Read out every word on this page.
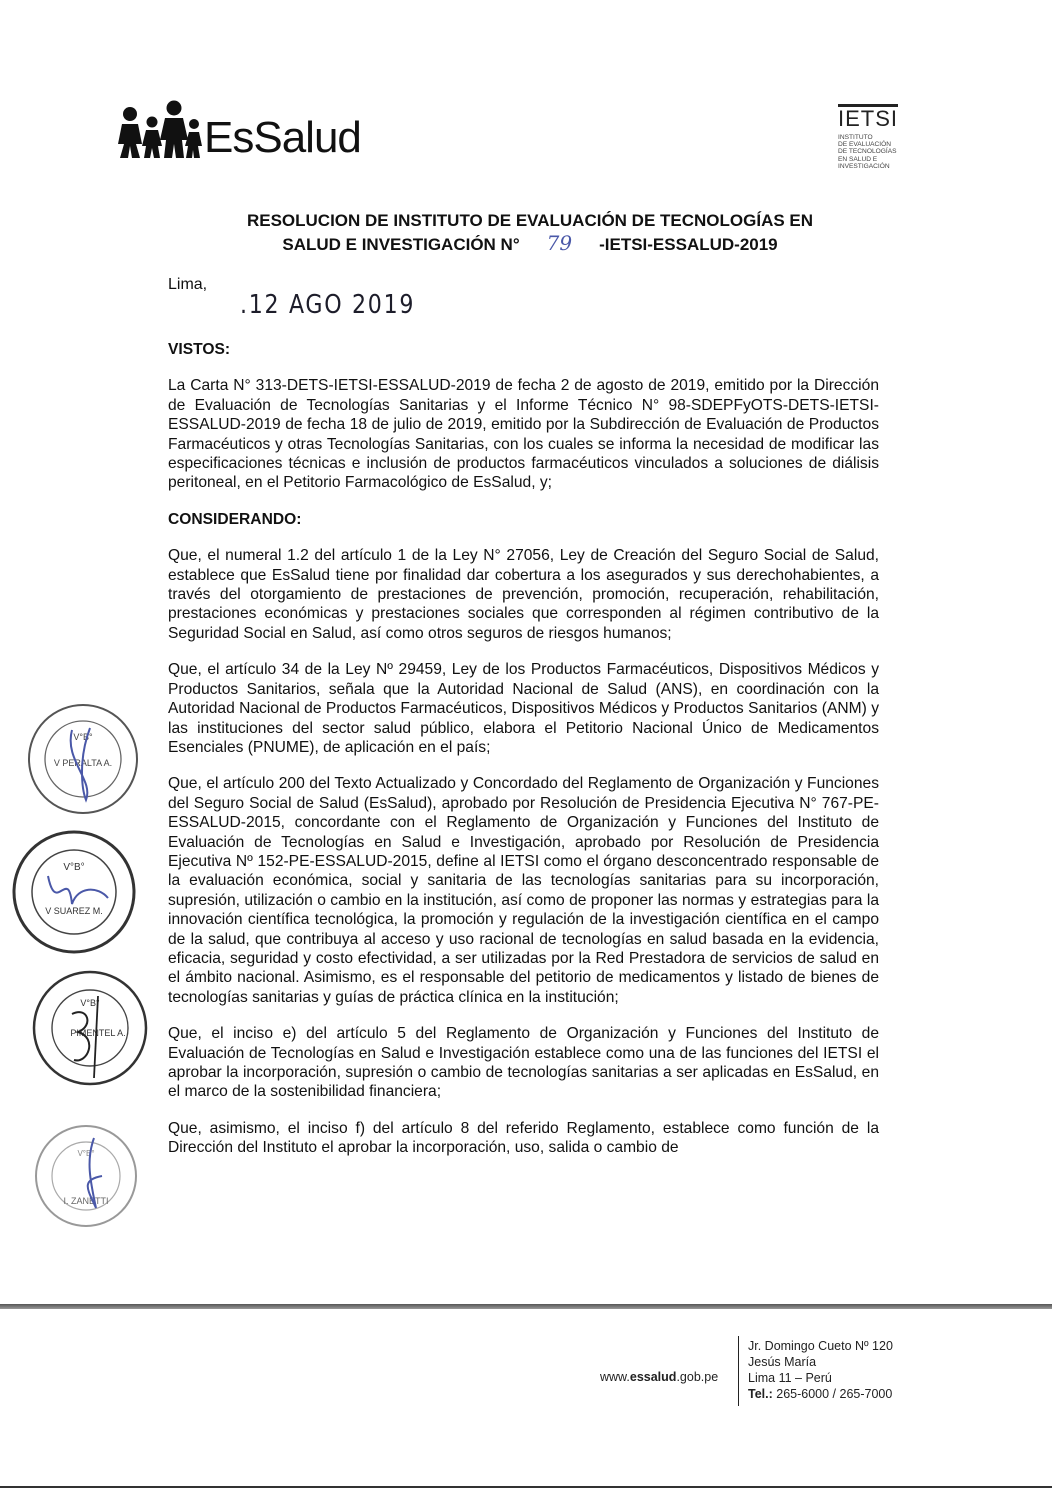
EsSalud	IETSI
INSTITUTO
DE EVALUACIÓN
DE TECNOLOGÍAS
EN SALUD E
INVESTIGACIÓN
RESOLUCION DE INSTITUTO DE EVALUACIÓN DE TECNOLOGÍAS EN
SALUD E INVESTIGACIÓN N° 79 -IETSI-ESSALUD-2019
Lima,
.12 AGO 2019

VISTOS:

La Carta N° 313-DETS-IETSI-ESSALUD-2019 de fecha 2 de agosto de 2019, emitido por la Dirección de Evaluación de Tecnologías Sanitarias y el Informe Técnico N° 98-SDEPFyOTS-DETS-IETSI-ESSALUD-2019 de fecha 18 de julio de 2019, emitido por la Subdirección de Evaluación de Productos Farmacéuticos y otras Tecnologías Sanitarias, con los cuales se informa la necesidad de modificar las especificaciones técnicas e inclusión de productos farmacéuticos vinculados a soluciones de diálisis peritoneal, en el Petitorio Farmacológico de EsSalud, y;

CONSIDERANDO:

Que, el numeral 1.2 del artículo 1 de la Ley N° 27056, Ley de Creación del Seguro Social de Salud, establece que EsSalud tiene por finalidad dar cobertura a los asegurados y sus derechohabientes, a través del otorgamiento de prestaciones de prevención, promoción, recuperación, rehabilitación, prestaciones económicas y prestaciones sociales que corresponden al régimen contributivo de la Seguridad Social en Salud, así como otros seguros de riesgos humanos;

Que, el artículo 34 de la Ley Nº 29459, Ley de los Productos Farmacéuticos, Dispositivos Médicos y Productos Sanitarios, señala que la Autoridad Nacional de Salud (ANS), en coordinación con la Autoridad Nacional de Productos Farmacéuticos, Dispositivos Médicos y Productos Sanitarios (ANM) y las instituciones del sector salud público, elabora el Petitorio Nacional Único de Medicamentos Esenciales (PNUME), de aplicación en el país;

Que, el artículo 200 del Texto Actualizado y Concordado del Reglamento de Organización y Funciones del Seguro Social de Salud (EsSalud), aprobado por Resolución de Presidencia Ejecutiva N° 767-PE-ESSALUD-2015, concordante con el Reglamento de Organización y Funciones del Instituto de Evaluación de Tecnologías en Salud e Investigación, aprobado por Resolución de Presidencia Ejecutiva Nº 152-PE-ESSALUD-2015, define al IETSI como el órgano desconcentrado responsable de la evaluación económica, social y sanitaria de las tecnologías sanitarias para su incorporación, supresión, utilización o cambio en la institución, así como de proponer las normas y estrategias para la innovación científica tecnológica, la promoción y regulación de la investigación científica en el campo de la salud, que contribuya al acceso y uso racional de tecnologías en salud basada en la evidencia, eficacia, seguridad y costo efectividad, a ser utilizadas por la Red Prestadora de servicios de salud en el ámbito nacional. Asimismo, es el responsable del petitorio de medicamentos y listado de bienes de tecnologías sanitarias y guías de práctica clínica en la institución;

Que, el inciso e) del artículo 5 del Reglamento de Organización y Funciones del Instituto de Evaluación de Tecnologías en Salud e Investigación establece como una de las funciones del IETSI el aprobar la incorporación, supresión o cambio de tecnologías sanitarias a ser aplicadas en EsSalud, en el marco de la sostenibilidad financiera;

Que, asimismo, el inciso f) del artículo 8 del referido Reglamento, establece como función de la Dirección del Instituto el aprobar la incorporación, uso, salida o cambio de

V°B°
V PERALTA A.
V°B°
V SUAREZ M.
V°B°
PIMENTEL A.
V°B°
I. ZANETTI
www.essalud.gob.pe
Jr. Domingo Cueto Nº 120
Jesús María
Lima 11 – Perú
Tel.: 265-6000 / 265-7000
